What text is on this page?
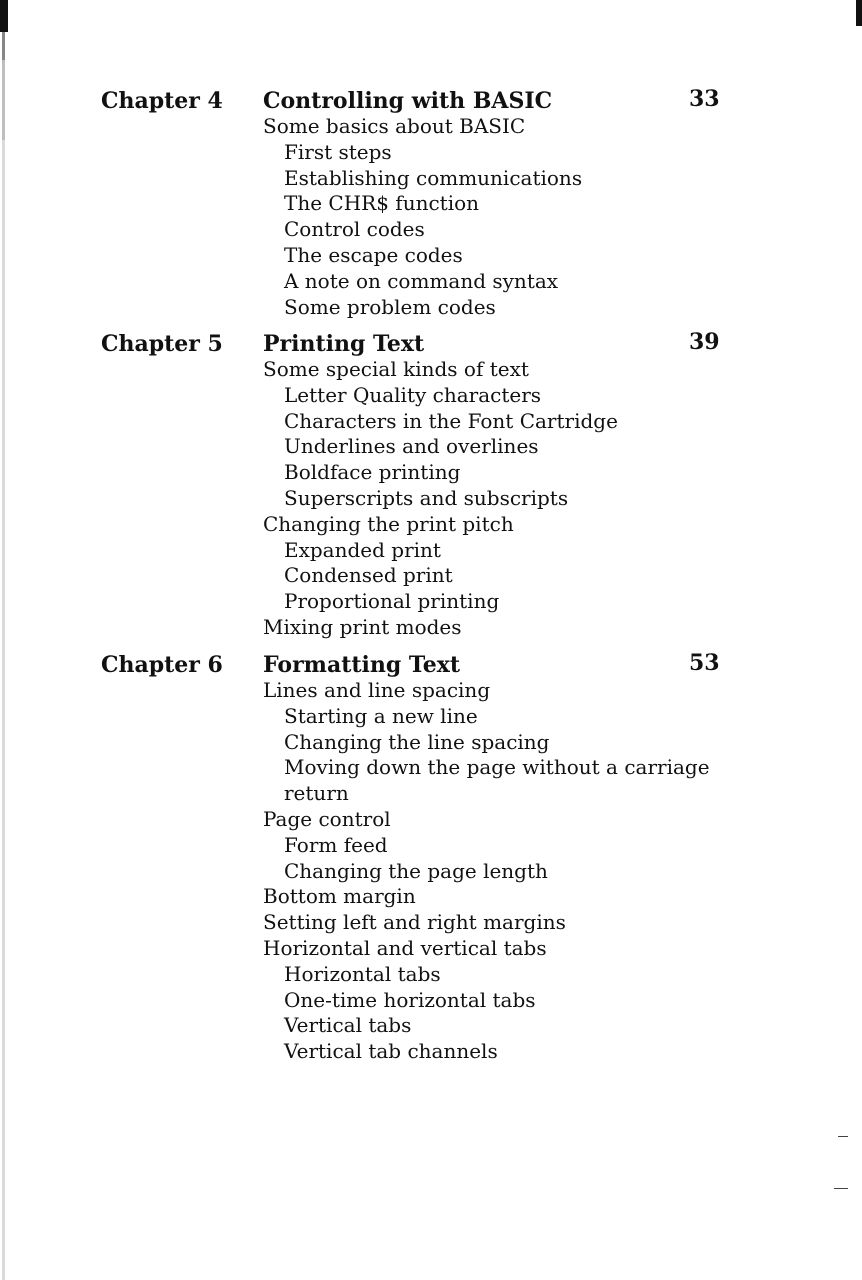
Chapter 4 Controlling with BASIC	33
Some basics about BASIC
First steps
Establishing communications
The CHR$ function
Control codes
The escape codes
A note on command syntax
Some problem codes
Chapter 5 Printing Text	39
Some special kinds of text
Letter Quality characters
Characters in the Font Cartridge
Underlines and overlines
Boldface printing
Superscripts and subscripts
Changing the print pitch
Expanded print
Condensed print
Proportional printing
Mixing print modes
Chapter 6 Formatting Text	53
Lines and line spacing
Starting a new line
Changing the line spacing
Moving down the page without a carriage return
Page control
Form feed
Changing the page length
Bottom margin
Setting left and right margins
Horizontal and vertical tabs
Horizontal tabs
One-time horizontal tabs
Vertical tabs
Vertical tab channels
